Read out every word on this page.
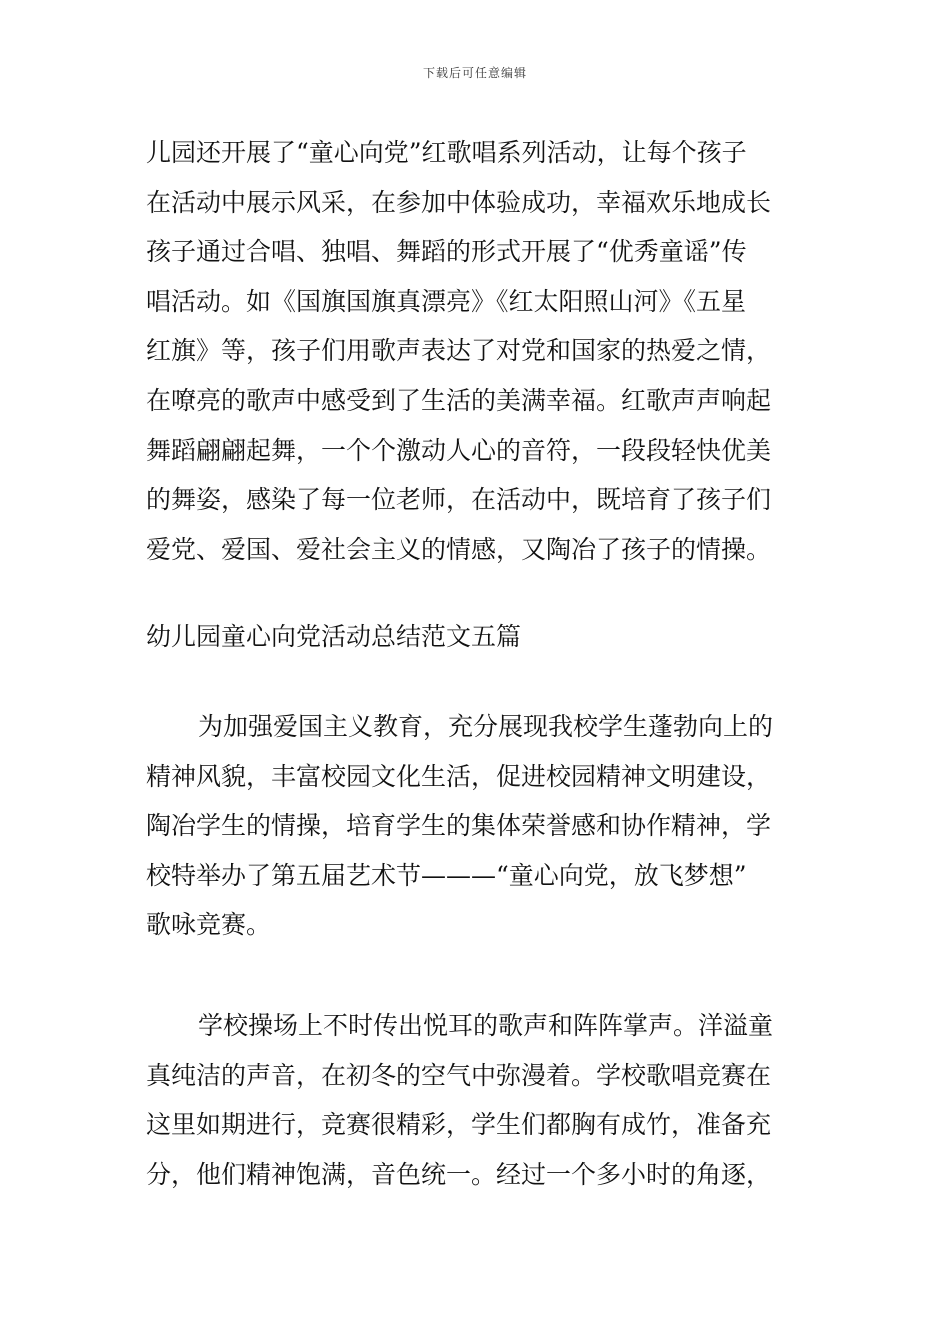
下载后可任意编辑
儿园还开展了“童心向党”红歌唱系列活动，让每个孩子
在活动中展示风采，在参加中体验成功，幸福欢乐地成长
孩子通过合唱、独唱、舞蹈的形式开展了“优秀童谣”传
唱活动。如《国旗国旗真漂亮》《红太阳照山河》《五星
红旗》等，孩子们用歌声表达了对党和国家的热爱之情，
在嘹亮的歌声中感受到了生活的美满幸福。红歌声声响起
舞蹈翩翩起舞，一个个激动人心的音符，一段段轻快优美
的舞姿，感染了每一位老师，在活动中，既培育了孩子们
爱党、爱国、爱社会主义的情感，又陶冶了孩子的情操。
幼儿园童心向党活动总结范文五篇
为加强爱国主义教育，充分展现我校学生蓬勃向上的
精神风貌，丰富校园文化生活，促进校园精神文明建设，
陶冶学生的情操，培育学生的集体荣誉感和协作精神，学
校特举办了第五届艺术节———“童心向党，放飞梦想”
歌咏竞赛。
学校操场上不时传出悦耳的歌声和阵阵掌声。洋溢童
真纯洁的声音，在初冬的空气中弥漫着。学校歌唱竞赛在
这里如期进行，竞赛很精彩，学生们都胸有成竹，准备充
分，他们精神饱满，音色统一。经过一个多小时的角逐，
